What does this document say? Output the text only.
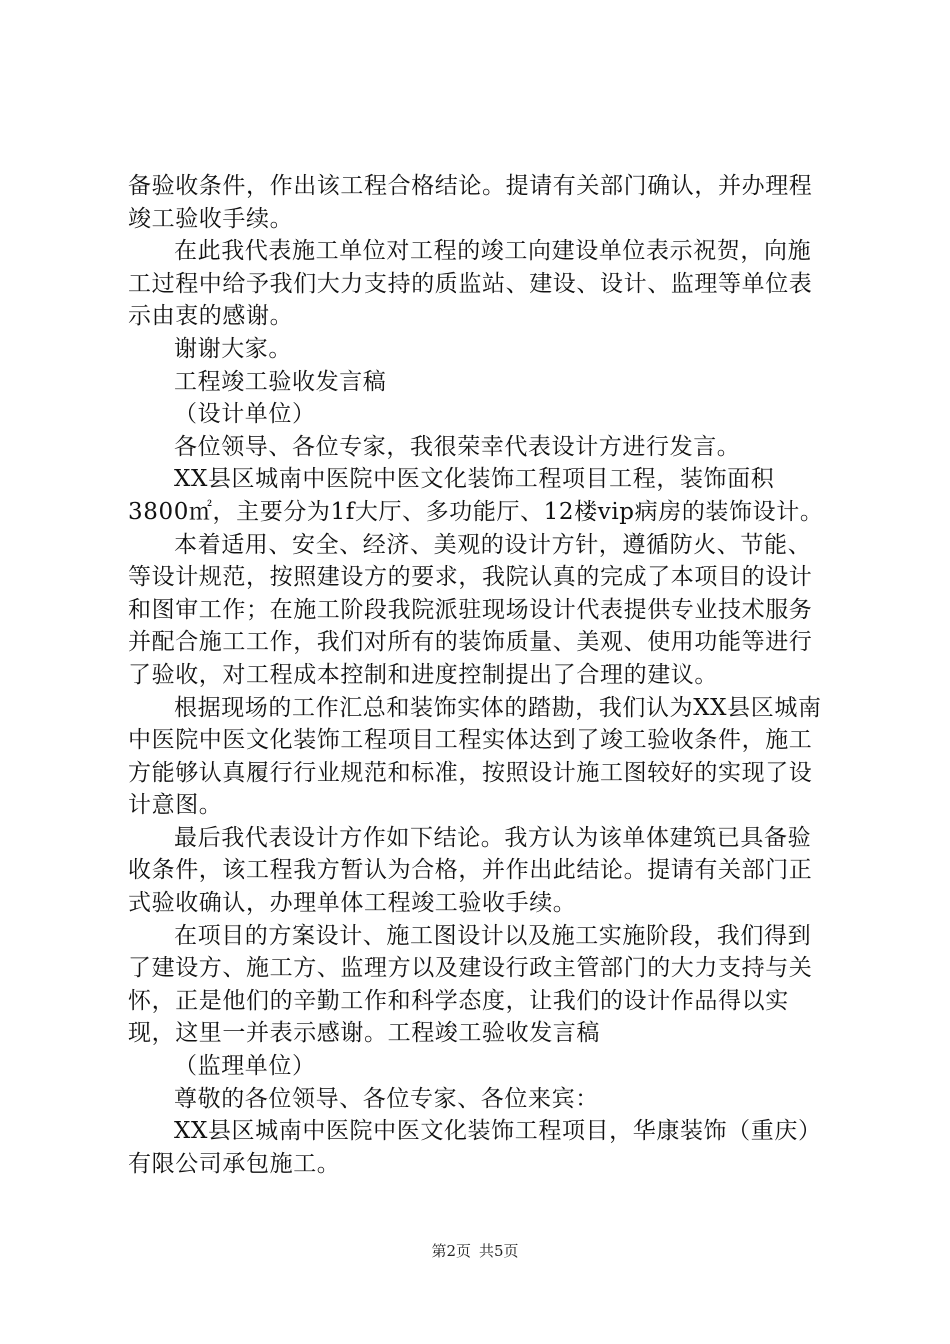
备验收条件，作出该工程合格结论。提请有关部门确认，并办理程竣工验收手续。

在此我代表施工单位对工程的竣工向建设单位表示祝贺，向施工过程中给予我们大力支持的质监站、建设、设计、监理等单位表示由衷的感谢。

谢谢大家。

工程竣工验收发言稿

（设计单位）

各位领导、各位专家，我很荣幸代表设计方进行发言。

XX县区城南中医院中医文化装饰工程项目工程，装饰面积3800㎡，主要分为1f大厅、多功能厅、12楼vip病房的装饰设计。

本着适用、安全、经济、美观的设计方针，遵循防火、节能、等设计规范，按照建设方的要求，我院认真的完成了本项目的设计和图审工作；在施工阶段我院派驻现场设计代表提供专业技术服务并配合施工工作，我们对所有的装饰质量、美观、使用功能等进行了验收，对工程成本控制和进度控制提出了合理的建议。

根据现场的工作汇总和装饰实体的踏勘，我们认为XX县区城南中医院中医文化装饰工程项目工程实体达到了竣工验收条件，施工方能够认真履行行业规范和标准，按照设计施工图较好的实现了设计意图。

最后我代表设计方作如下结论。我方认为该单体建筑已具备验收条件，该工程我方暂认为合格，并作出此结论。提请有关部门正式验收确认，办理单体工程竣工验收手续。

在项目的方案设计、施工图设计以及施工实施阶段，我们得到了建设方、施工方、监理方以及建设行政主管部门的大力支持与关怀，正是他们的辛勤工作和科学态度，让我们的设计作品得以实现，这里一并表示感谢。工程竣工验收发言稿

（监理单位）

尊敬的各位领导、各位专家、各位来宾：

XX县区城南中医院中医文化装饰工程项目，华康装饰（重庆）有限公司承包施工。

第2页 共5页
